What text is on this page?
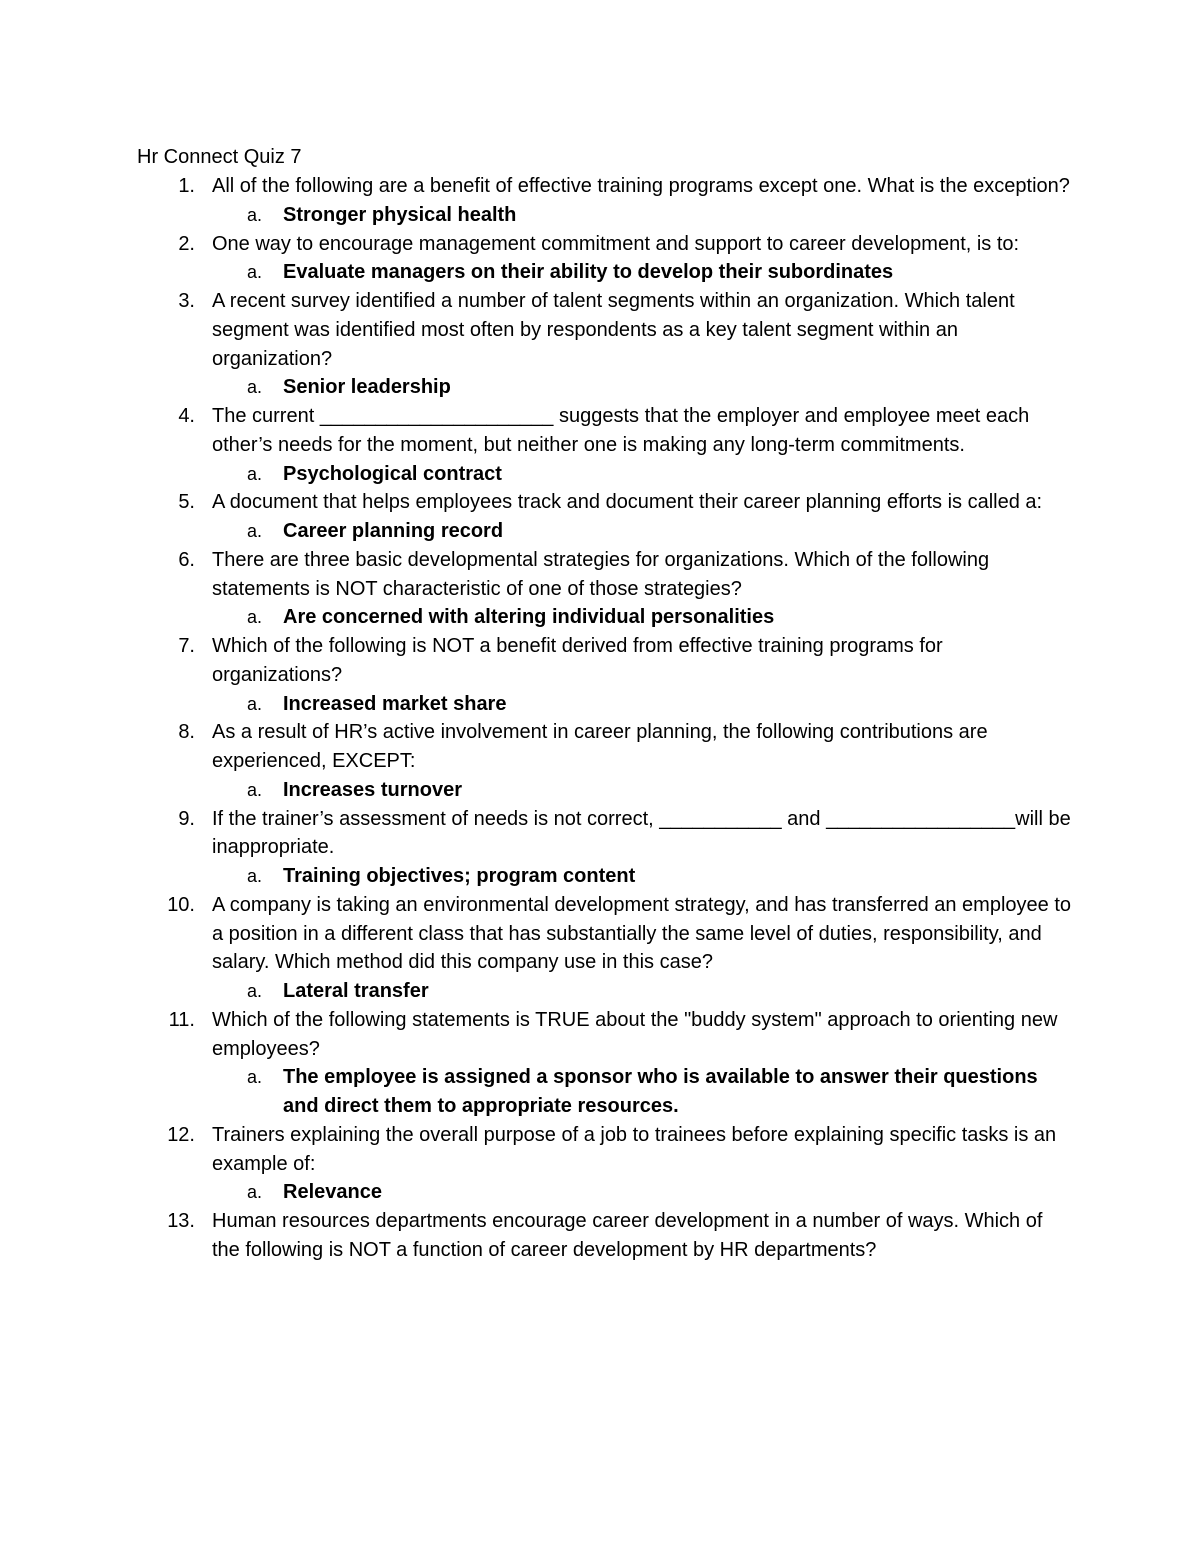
Hr Connect Quiz 7
1. All of the following are a benefit of effective training programs except one. What is the exception?

a. Stronger physical health

2. One way to encourage management commitment and support to career development, is to:

a. Evaluate managers on their ability to develop their subordinates

3. A recent survey identified a number of talent segments within an organization. Which talent segment was identified most often by respondents as a key talent segment within an organization?

a. Senior leadership

4. The current _____________________ suggests that the employer and employee meet each other’s needs for the moment, but neither one is making any long-term commitments.

a. Psychological contract

5. A document that helps employees track and document their career planning efforts is called a:

a. Career planning record

6. There are three basic developmental strategies for organizations. Which of the following statements is NOT characteristic of one of those strategies?

a. Are concerned with altering individual personalities

7. Which of the following is NOT a benefit derived from effective training programs for organizations?

a. Increased market share

8. As a result of HR’s active involvement in career planning, the following contributions are experienced, EXCEPT:

a. Increases turnover

9. If the trainer’s assessment of needs is not correct, ___________ and _________________will be inappropriate.

a. Training objectives; program content

10. A company is taking an environmental development strategy, and has transferred an employee to a position in a different class that has substantially the same level of duties, responsibility, and salary. Which method did this company use in this case?

a. Lateral transfer

11. Which of the following statements is TRUE about the "buddy system" approach to orienting new employees?

a. The employee is assigned a sponsor who is available to answer their questions and direct them to appropriate resources.

12. Trainers explaining the overall purpose of a job to trainees before explaining specific tasks is an example of:

a. Relevance

13. Human resources departments encourage career development in a number of ways. Which of the following is NOT a function of career development by HR departments?
